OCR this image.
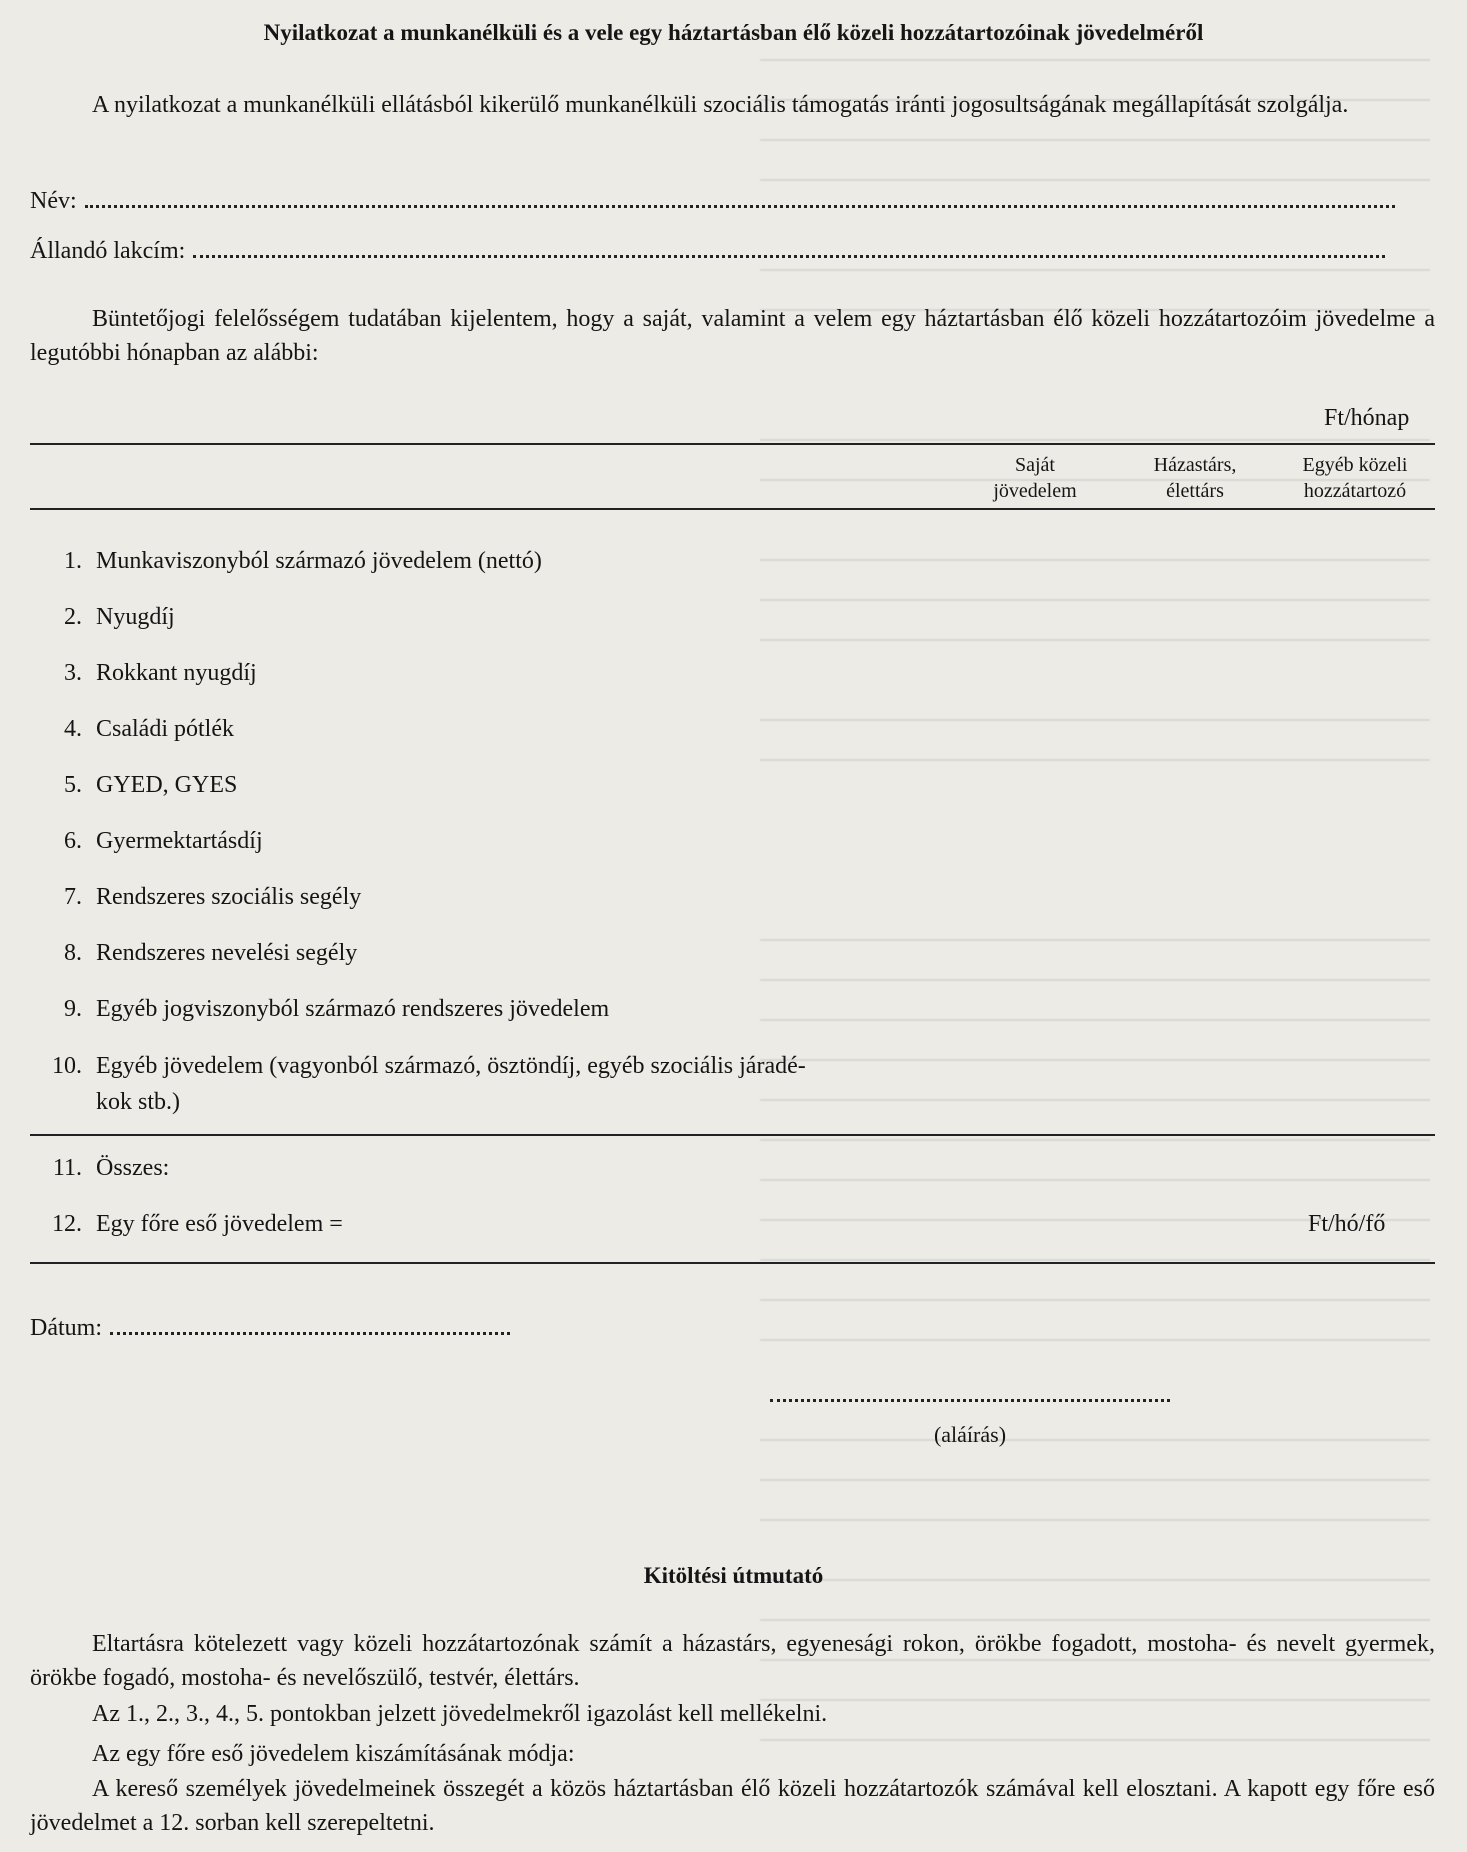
Nyilatkozat a munkanélküli és a vele egy háztartásban élő közeli hozzátartozóinak jövedelméről
A nyilatkozat a munkanélküli ellátásból kikerülő munkanélküli szociális támogatás iránti jogosultságának megállapítását szolgálja.
Név:
Állandó lakcím:
Büntetőjogi felelősségem tudatában kijelentem, hogy a saját, valamint a velem egy háztartásban élő közeli hozzátartozóim jövedelme a legutóbbi hónapban az alábbi:
Ft/hónap
Saját
jövedelem
Házastárs,
élettárs
Egyéb közeli
hozzátartozó
1. Munkaviszonyból származó jövedelem (nettó)
2. Nyugdíj
3. Rokkant nyugdíj
4. Családi pótlék
5. GYED, GYES
6. Gyermektartásdíj
7. Rendszeres szociális segély
8. Rendszeres nevelési segély
9. Egyéb jogviszonyból származó rendszeres jövedelem
10. Egyéb jövedelem (vagyonból származó, ösztöndíj, egyéb szociális járadé-
kok stb.)
11. Összes:
12. Egy főre eső jövedelem =	Ft/hó/fő
Dátum:
(aláírás)
Kitöltési útmutató
Eltartásra kötelezett vagy közeli hozzátartozónak számít a házastárs, egyenesági rokon, örökbe fogadott, mostoha- és nevelt gyermek, örökbe fogadó, mostoha- és nevelőszülő, testvér, élettárs.
Az 1., 2., 3., 4., 5. pontokban jelzett jövedelmekről igazolást kell mellékelni.
Az egy főre eső jövedelem kiszámításának módja:
A kereső személyek jövedelmeinek összegét a közös háztartásban élő közeli hozzátartozók számával kell elosztani. A kapott egy főre eső jövedelmet a 12. sorban kell szerepeltetni.
